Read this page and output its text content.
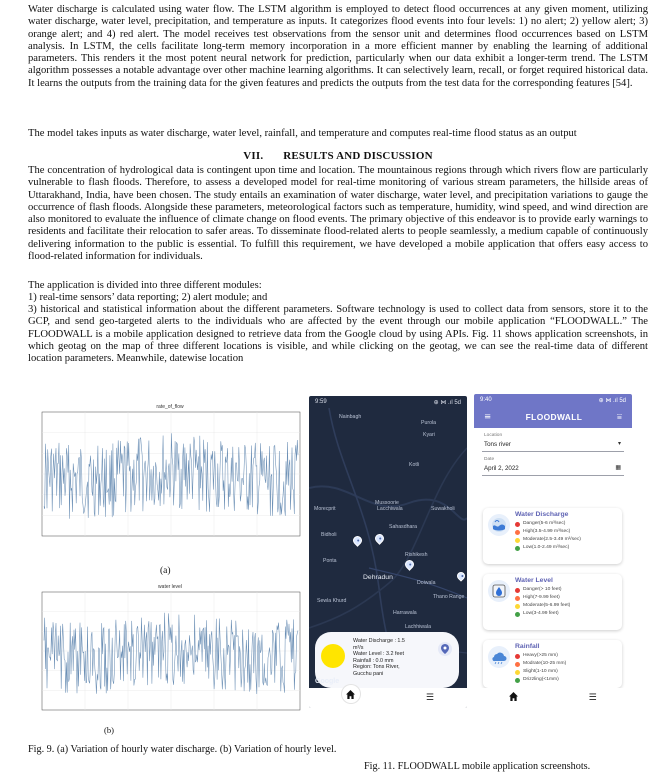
Water discharge is calculated using water flow. The LSTM algorithm is employed to detect flood occurrences at any given moment, utilizing water discharge, water level, precipitation, and temperature as inputs. It categorizes flood events into four levels: 1) no alert; 2) yellow alert; 3) orange alert; and 4) red alert. The model receives test observations from the sensor unit and determines flood occurrences based on LSTM analysis. In LSTM, the cells facilitate long-term memory incorporation in a more efficient manner by enabling the learning of additional parameters. This renders it the most potent neural network for prediction, particularly when our data exhibit a longer-term trend. The LSTM algorithm possesses a notable advantage over other machine learning algorithms. It can selectively learn, recall, or forget required historical data. It learns the outputs from the training data for the given features and predicts the outputs from the test data for the corresponding features [54].
The model takes inputs as water discharge, water level, rainfall, and temperature and computes real-time flood status as an output
VII. RESULTS AND DISCUSSION
The concentration of hydrological data is contingent upon time and location. The mountainous regions through which rivers flow are particularly vulnerable to flash floods. Therefore, to assess a developed model for real-time monitoring of various stream parameters, the hillside areas of Uttarakhand, India, have been chosen. The study entails an examination of water discharge, water level, and precipitation variations to gauge the occurrence of flash floods. Alongside these parameters, meteorological factors such as temperature, humidity, wind speed, and wind direction are also monitored to evaluate the influence of climate change on flood events. The primary objective of this endeavor is to provide early warnings to residents and facilitate their relocation to safer areas. To disseminate flood-related alerts to people seamlessly, a medium capable of continuously delivering information to the public is essential. To fulfill this requirement, we have developed a mobile application that offers easy access to flood-related information for individuals.
The application is divided into three different modules:
1) real-time sensors’ data reporting; 2) alert module; and
3) historical and statistical information about the different parameters. Software technology is used to collect data from sensors, store it to the GCP, and send geo-targeted alerts to the individuals who are affected by the event through our mobile application “FLOODWALL.” The FLOODWALL is a mobile application designed to retrieve data from the Google cloud by using APIs. Fig. 11 shows application screenshots, in which geotag on the map of three different locations is visible, and while clicking on the geotag, we can see the real-time data of different location parameters. Meanwhile, datewise location
rate_of_flow
(a)
water level
(b)
Fig. 9. (a) Variation of hourly water discharge. (b) Variation of hourly level.
Fig. 11. FLOODWALL mobile application screenshots.
9:59	⊕ ⋈ .ıl 5d
Nainbagh
Purola
Kyari
Kotli
Mussoorie
Lacchiwala	Suwakholi
Morecprit
Sahasdhara
Bidholi
Ponta
Dehradun
Doiwala
Thano Range
Sewla Khurd
Harrawala
Lachhiwala
Rishikesh
Water Discharge : 1.5
m³/s
Water Level : 3.2 feet
Rainfall : 0.0 mm
Region: Tons River,
Gucchu pani
Google
☰
9:40	⊕ ⋈ .ıl 5d
≡	FLOODWALL	⩸
Location
Tons river	▾
Date
April 2, 2022	▦
Water Discharge
Danger(5-6 m³/sec)
High(3.5-4.99 m³/sec)
Moderate(2.5-3.49 m³/sec)
Low(1.0-2.49 m³/sec)
Water Level
Danger(> 10 feet)
High(7-9.99 feet)
Moderate(5-6.99 feet)
Low(3-4.99 feet)
Rainfall
Heavy(>25 mm)
Modrate(10-25 mm)
Slight(1-10 mm)
Drizzling(<1mm)
☰
